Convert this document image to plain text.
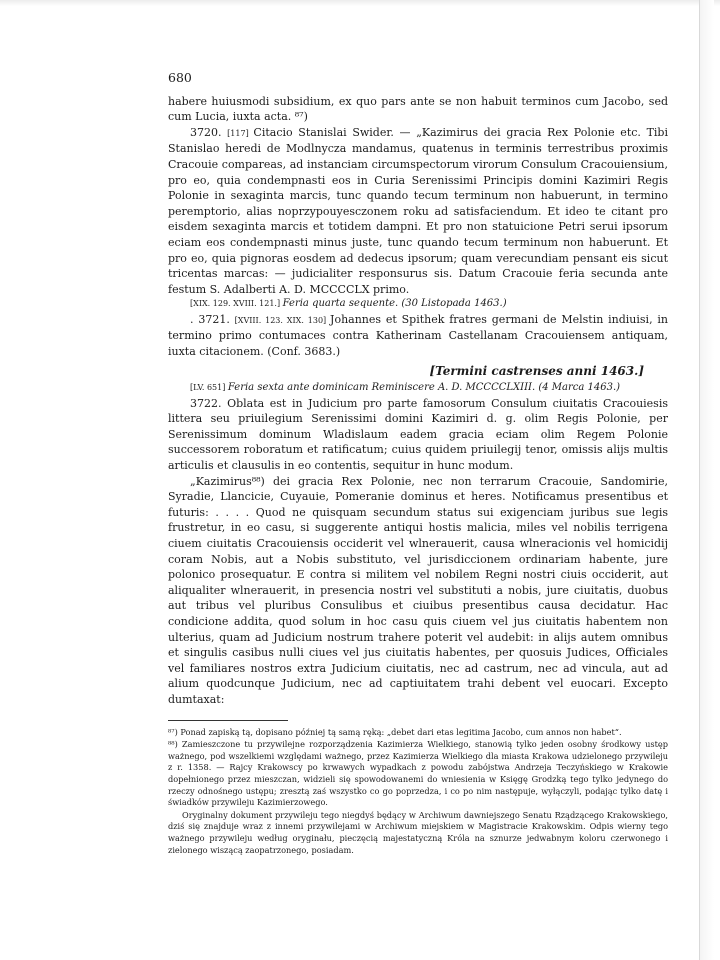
680

habere huiusmodi subsidium, ex quo pars ante se non habuit terminos cum Jacobo, sed cum Lucia, iuxta acta. ⁸⁷)

3720. [117] Citacio Stanislai Swider. — „Kazimirus dei gracia Rex Polonie etc. Tibi Stanislao heredi de Modlnycza mandamus, quatenus in terminis terrestribus proximis Cracouie compareas, ad instanciam circumspectorum virorum Consulum Cracouiensium, pro eo, quia condempnasti eos in Curia Serenissimi Principis domini Kazimiri Regis Polonie in sexaginta marcis, tunc quando tecum terminum non habuerunt, in termino peremptorio, alias noprzypouyesczonem roku ad satisfaciendum. Et ideo te citant pro eisdem sexaginta marcis et totidem dampni. Et pro non statuicione Petri serui ipsorum eciam eos condempnasti minus juste, tunc quando tecum terminum non habuerunt. Et pro eo, quia pignoras eosdem ad dedecus ipsorum; quam verecundiam pensant eis sicut tricentas marcas: — judicialiter responsurus sis. Datum Cracouie feria secunda ante festum S. Adalberti A. D. MCCCCLX primo.

[XIX. 129. XVIII. 121.] Feria quarta sequente. (30 Listopada 1463.)

. 3721. [XVIII. 123. XIX. 130] Johannes et Spithek fratres germani de Melstin indiuisi, in termino primo contumaces contra Katherinam Castellanam Cracouiensem antiquam, iuxta citacionem. (Conf. 3683.)

[Termini castrenses anni 1463.]

[LV. 651] Feria sexta ante dominicam Reminiscere A. D. MCCCCLXIII. (4 Marca 1463.)

3722. Oblata est in Judicium pro parte famosorum Consulum ciuitatis Cracouiesis littera seu priuilegium Serenissimi domini Kazimiri d. g. olim Regis Polonie, per Serenissimum dominum Wladislaum eadem gracia eciam olim Regem Polonie successorem roboratum et ratificatum; cuius quidem priuilegij tenor, omissis alijs multis articulis et clausulis in eo contentis, sequitur in hunc modum.

„Kazimirus⁸⁸) dei gracia Rex Polonie, nec non terrarum Cracouie, Sandomirie, Syradie, Llancicie, Cuyauie, Pomeranie dominus et heres. Notificamus presentibus et futuris: . . . . Quod ne quisquam secundum status sui exigenciam juribus sue legis frustretur, in eo casu, si suggerente antiqui hostis malicia, miles vel nobilis terrigena ciuem ciuitatis Cracouiensis occiderit vel wlnerauerit, causa wlneracionis vel homicidij coram Nobis, aut a Nobis substituto, vel jurisdiccionem ordinariam habente, jure polonico prosequatur. E contra si militem vel nobilem Regni nostri ciuis occiderit, aut aliqualiter wlnerauerit, in presencia nostri vel substituti a nobis, jure ciuitatis, duobus aut tribus vel pluribus Consulibus et ciuibus presentibus causa decidatur. Hac condicione addita, quod solum in hoc casu quis ciuem vel jus ciuitatis habentem non ulterius, quam ad Judicium nostrum trahere poterit vel audebit: in alijs autem omnibus et singulis casibus nulli ciues vel jus ciuitatis habentes, per quosuis Judices, Officiales vel familiares nostros extra Judicium ciuitatis, nec ad castrum, nec ad vincula, aut ad alium quodcunque Judicium, nec ad captiuitatem trahi debent vel euocari. Excepto dumtaxat:

⁸⁷) Ponad zapiską tą, dopisano później tą samą ręką: „debet dari etas legitima Jacobo, cum annos non habet“.

⁸⁸) Zamieszczone tu przywilejne rozporządzenia Kazimierza Wielkiego, stanowią tylko jeden osobny środkowy ustęp ważnego, pod wszelkiemi względami ważnego, przez Kazimierza Wielkiego dla miasta Krakowa udzielonego przywileju z r. 1358. — Rajcy Krakowscy po krwawych wypadkach z powodu zabójstwa Andrzeja Teczyńskiego w Krakowie dopełnionego przez mieszczan, widzieli się spowodowanemi do wniesienia w Księgę Grodzką tego tylko jedynego do rzeczy odnośnego ustępu; zresztą zaś wszystko co go poprzedza, i co po nim następuje, wyłączyli, podając tylko datę i świadków przywileju Kazimierzowego.

Oryginalny dokument przywileju tego niegdyś będący w Archiwum dawniejszego Senatu Rządzącego Krakowskiego, dziś się znajduje wraz z innemi przywilejami w Archiwum miejskiem w Magistracie Krakowskim. Odpis wierny tego ważnego przywileju według oryginału, pieczęcią majestatyczną Króla na sznurze jedwabnym koloru czerwonego i zielonego wiszącą zaopatrzonego, posiadam.
